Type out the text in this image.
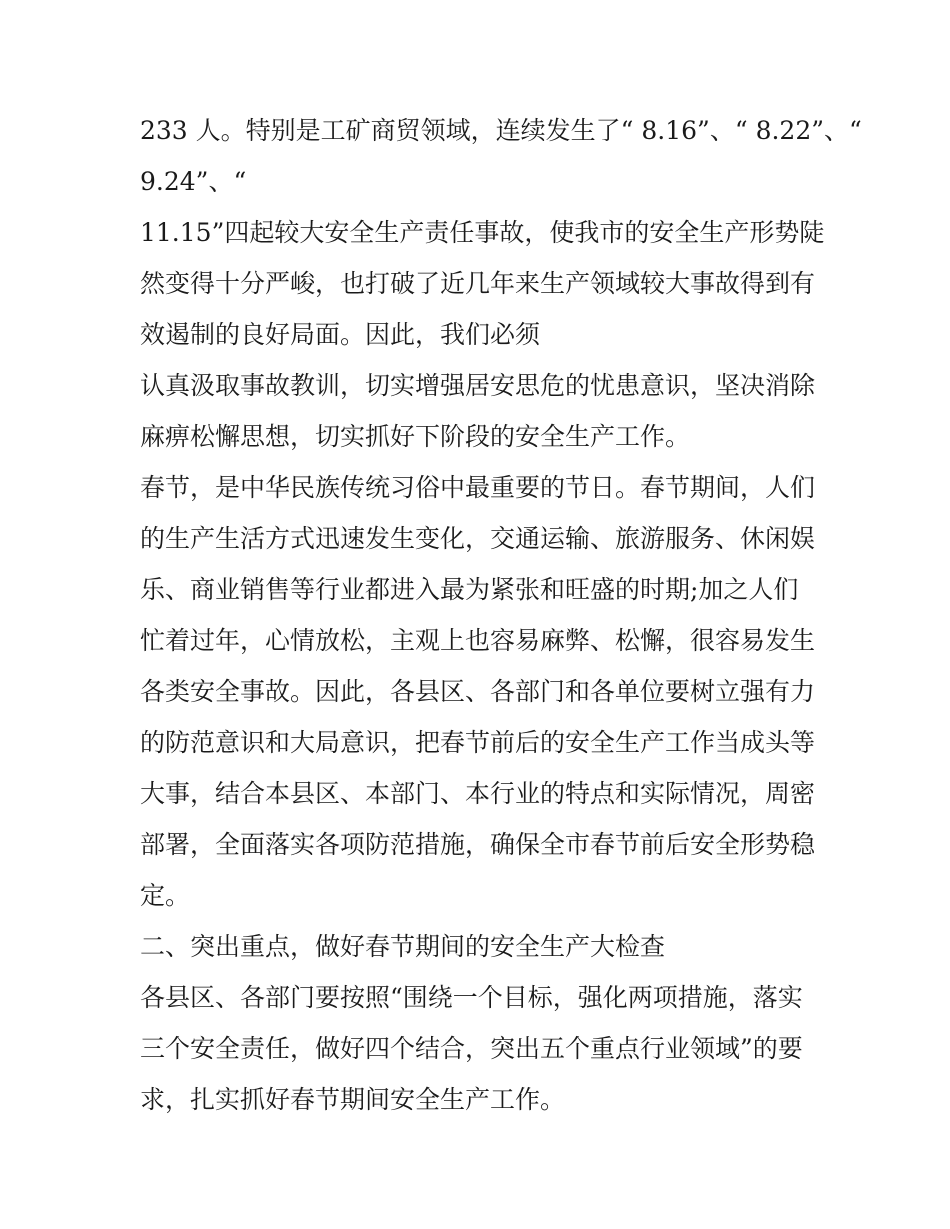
233 人。特别是工矿商贸领域，连续发生了“ 8.16”、“ 8.22”、“
9.24”、“
11.15”四起较大安全生产责任事故，使我市的安全生产形势陡
然变得十分严峻，也打破了近几年来生产领域较大事故得到有
效遏制的良好局面。因此，我们必须
认真汲取事故教训，切实增强居安思危的忧患意识，坚决消除
麻痹松懈思想，切实抓好下阶段的安全生产工作。
春节，是中华民族传统习俗中最重要的节日。春节期间，人们
的生产生活方式迅速发生变化，交通运输、旅游服务、休闲娱
乐、商业销售等行业都进入最为紧张和旺盛的时期;加之人们
忙着过年，心情放松，主观上也容易麻弊、松懈，很容易发生
各类安全事故。因此，各县区、各部门和各单位要树立强有力
的防范意识和大局意识，把春节前后的安全生产工作当成头等
大事，结合本县区、本部门、本行业的特点和实际情况，周密
部署，全面落实各项防范措施，确保全市春节前后安全形势稳
定。
二、突出重点，做好春节期间的安全生产大检查
各县区、各部门要按照“围绕一个目标，强化两项措施，落实
三个安全责任，做好四个结合，突出五个重点行业领域”的要
求，扎实抓好春节期间安全生产工作。
